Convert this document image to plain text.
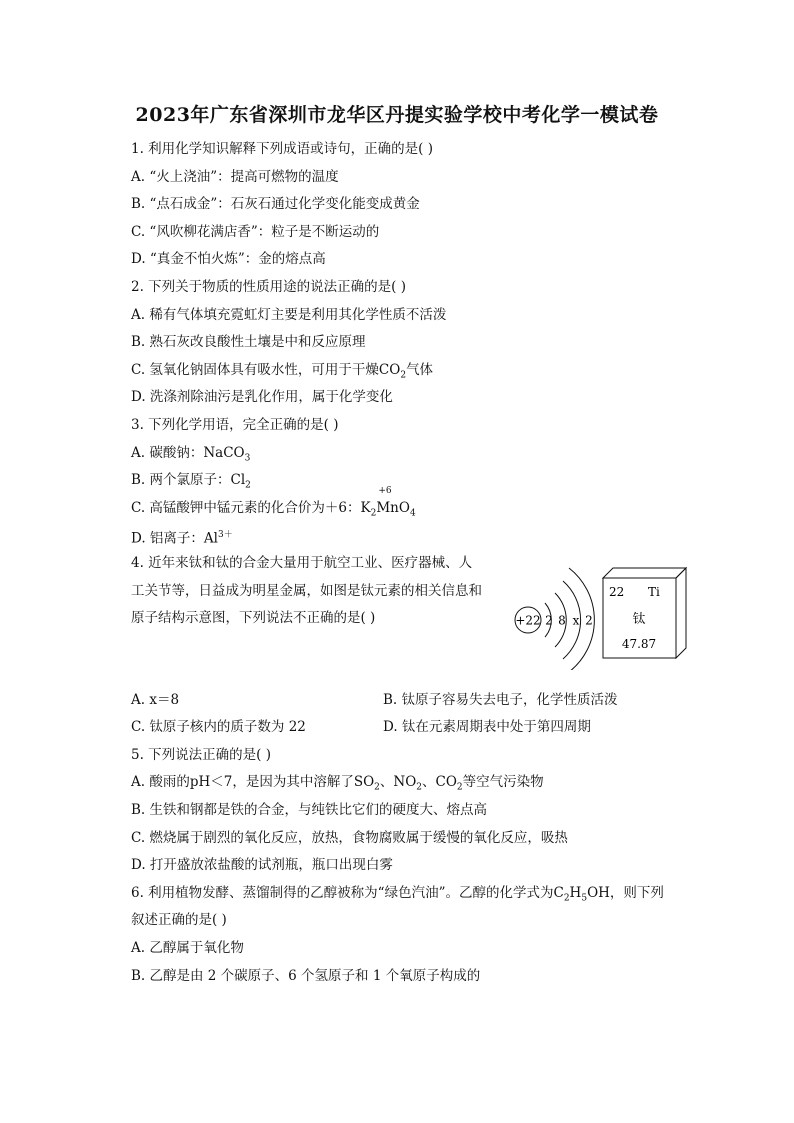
2023年广东省深圳市龙华区丹提实验学校中考化学一模试卷
1. 利用化学知识解释下列成语或诗句，正确的是( )
A. “火上浇油”：提高可燃物的温度
B. “点石成金”：石灰石通过化学变化能变成黄金
C. “风吹柳花满店香”：粒子是不断运动的
D. “真金不怕火炼”：金的熔点高
2. 下列关于物质的性质用途的说法正确的是( )
A. 稀有气体填充霓虹灯主要是利用其化学性质不活泼
B. 熟石灰改良酸性土壤是中和反应原理
C. 氢氧化钠固体具有吸水性，可用于干燥$CO_2$气体
D. 洗涤剂除油污是乳化作用，属于化学变化
3. 下列化学用语，完全正确的是( )
A. 碳酸钠：NaCO$_3$
B. 两个氯原子：$Cl_2$
C. 高锰酸钾中锰元素的化合价为＋6：$K_2$
+6
MnO$_4$
D. 铝离子：$Al^{3+}$
4. 近年来钛和钛的合金大量用于航空工业、医疗器械、人
工关节等，日益成为明星金属，如图是钛元素的相关信息和
原子结构示意图，下列说法不正确的是( )
A. x＝8	B. 钛原子容易失去电子，化学性质活泼
C. 钛原子核内的质子数为 22	D. 钛在元素周期表中处于第四周期
5. 下列说法正确的是( )
A. 酸雨的pH＜7，是因为其中溶解了$SO_2$、$NO_2$、$CO_2$等空气污染物
B. 生铁和钢都是铁的合金，与纯铁比它们的硬度大、熔点高
C. 燃烧属于剧烈的氧化反应，放热，食物腐败属于缓慢的氧化反应，吸热
D. 打开盛放浓盐酸的试剂瓶，瓶口出现白雾
6. 利用植物发酵、蒸馏制得的乙醇被称为“绿色汽油”。乙醇的化学式为$C_2H_5OH$，则下列
叙述正确的是( )
A. 乙醇属于氧化物
B. 乙醇是由 2 个碳原子、6 个氢原子和 1 个氧原子构成的
+22 2 8 x 2
22 Ti
钛
47.87
